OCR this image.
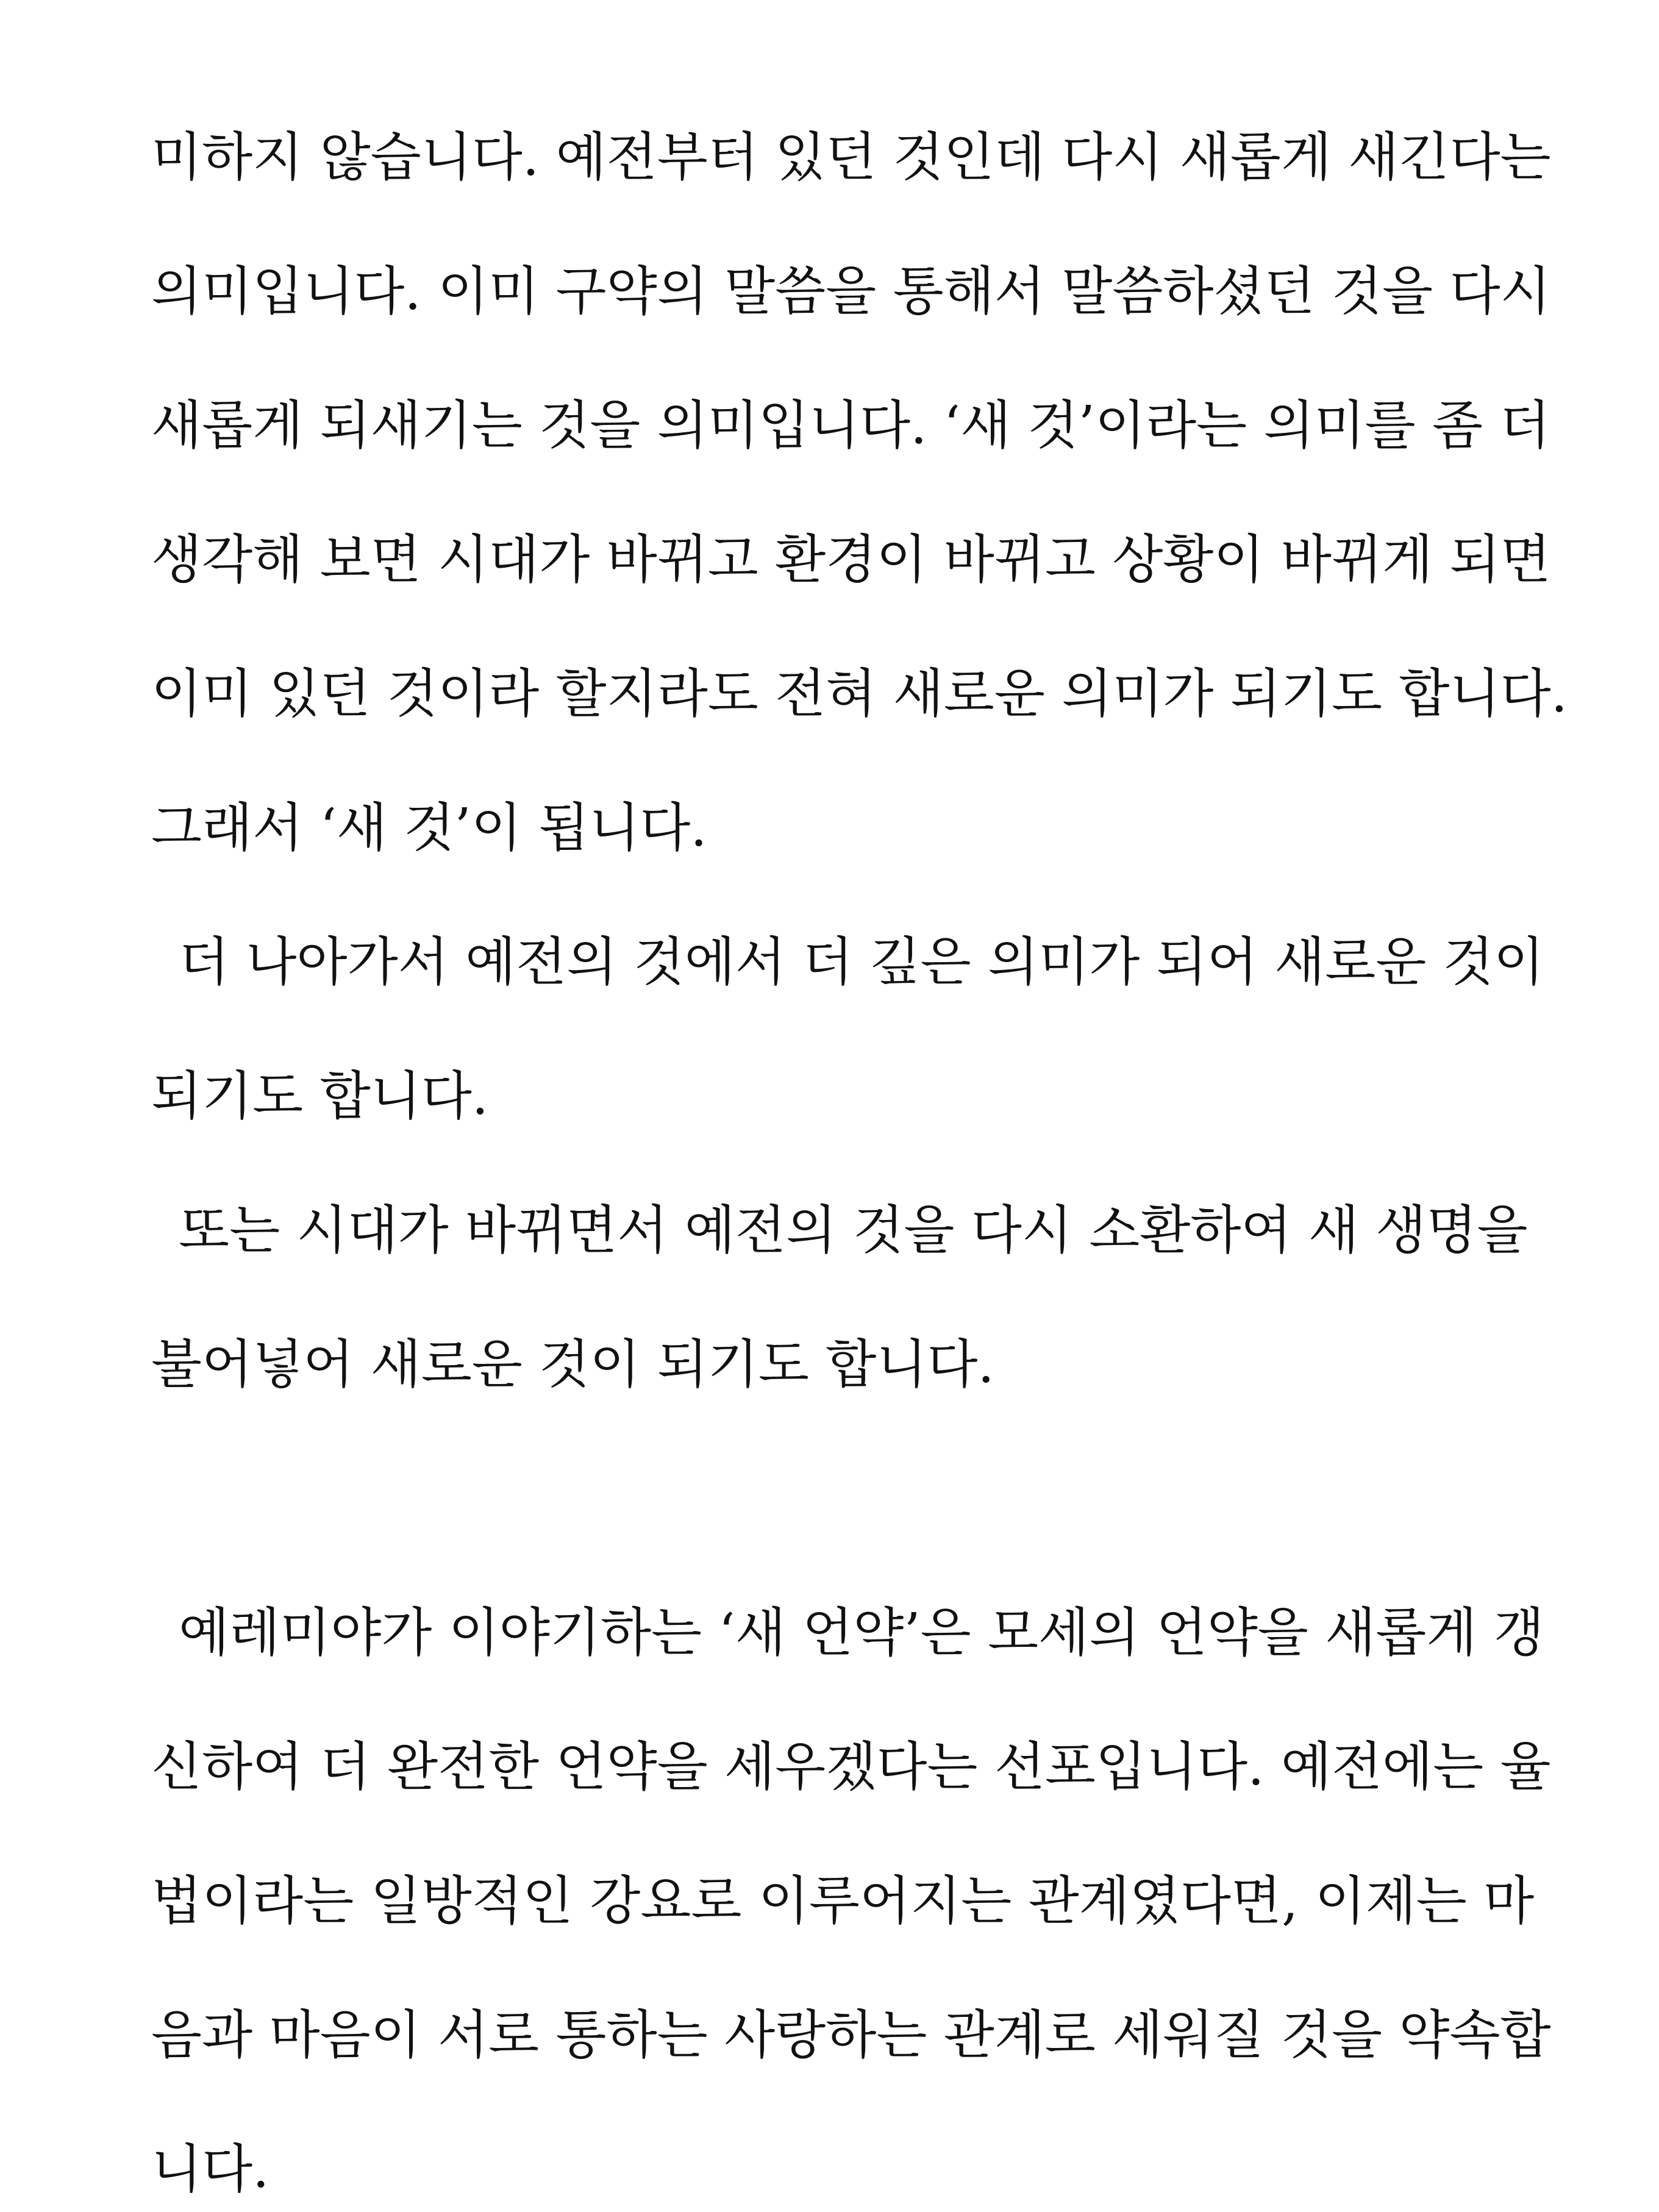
미하지 않습니다. 예전부터 있던 것인데 다시 새롭게 새긴다는
의미입니다. 이미 구약의 말씀을 통해서 말씀하셨던 것을 다시
새롭게 되새기는 것을 의미입니다. ‘새 것’이라는 의미를 좀 더
생각해 보면 시대가 바뀌고 환경이 바뀌고 상황이 바뀌게 되면
이미 있던 것이라 할지라도 전혀 새로운 의미가 되기도 합니다.
그래서 ‘새 것’이 됩니다.
더 나아가서 예전의 것에서 더 깊은 의미가 되어 새로운 것이
되기도 합니다.
또는 시대가 바뀌면서 예전의 것을 다시 소환하여 새 생명을
불어넣어 새로운 것이 되기도 합니다.
예레미야가 이야기하는 ‘새 언약’은 모세의 언약을 새롭게 갱
신하여 더 완전한 언약을 세우겠다는 선포입니다. 예전에는 율
법이라는 일방적인 강요로 이루어지는 관계였다면, 이제는 마
음과 마음이 서로 통하는 사랑하는 관계로 세워질 것을 약속합
니다.
